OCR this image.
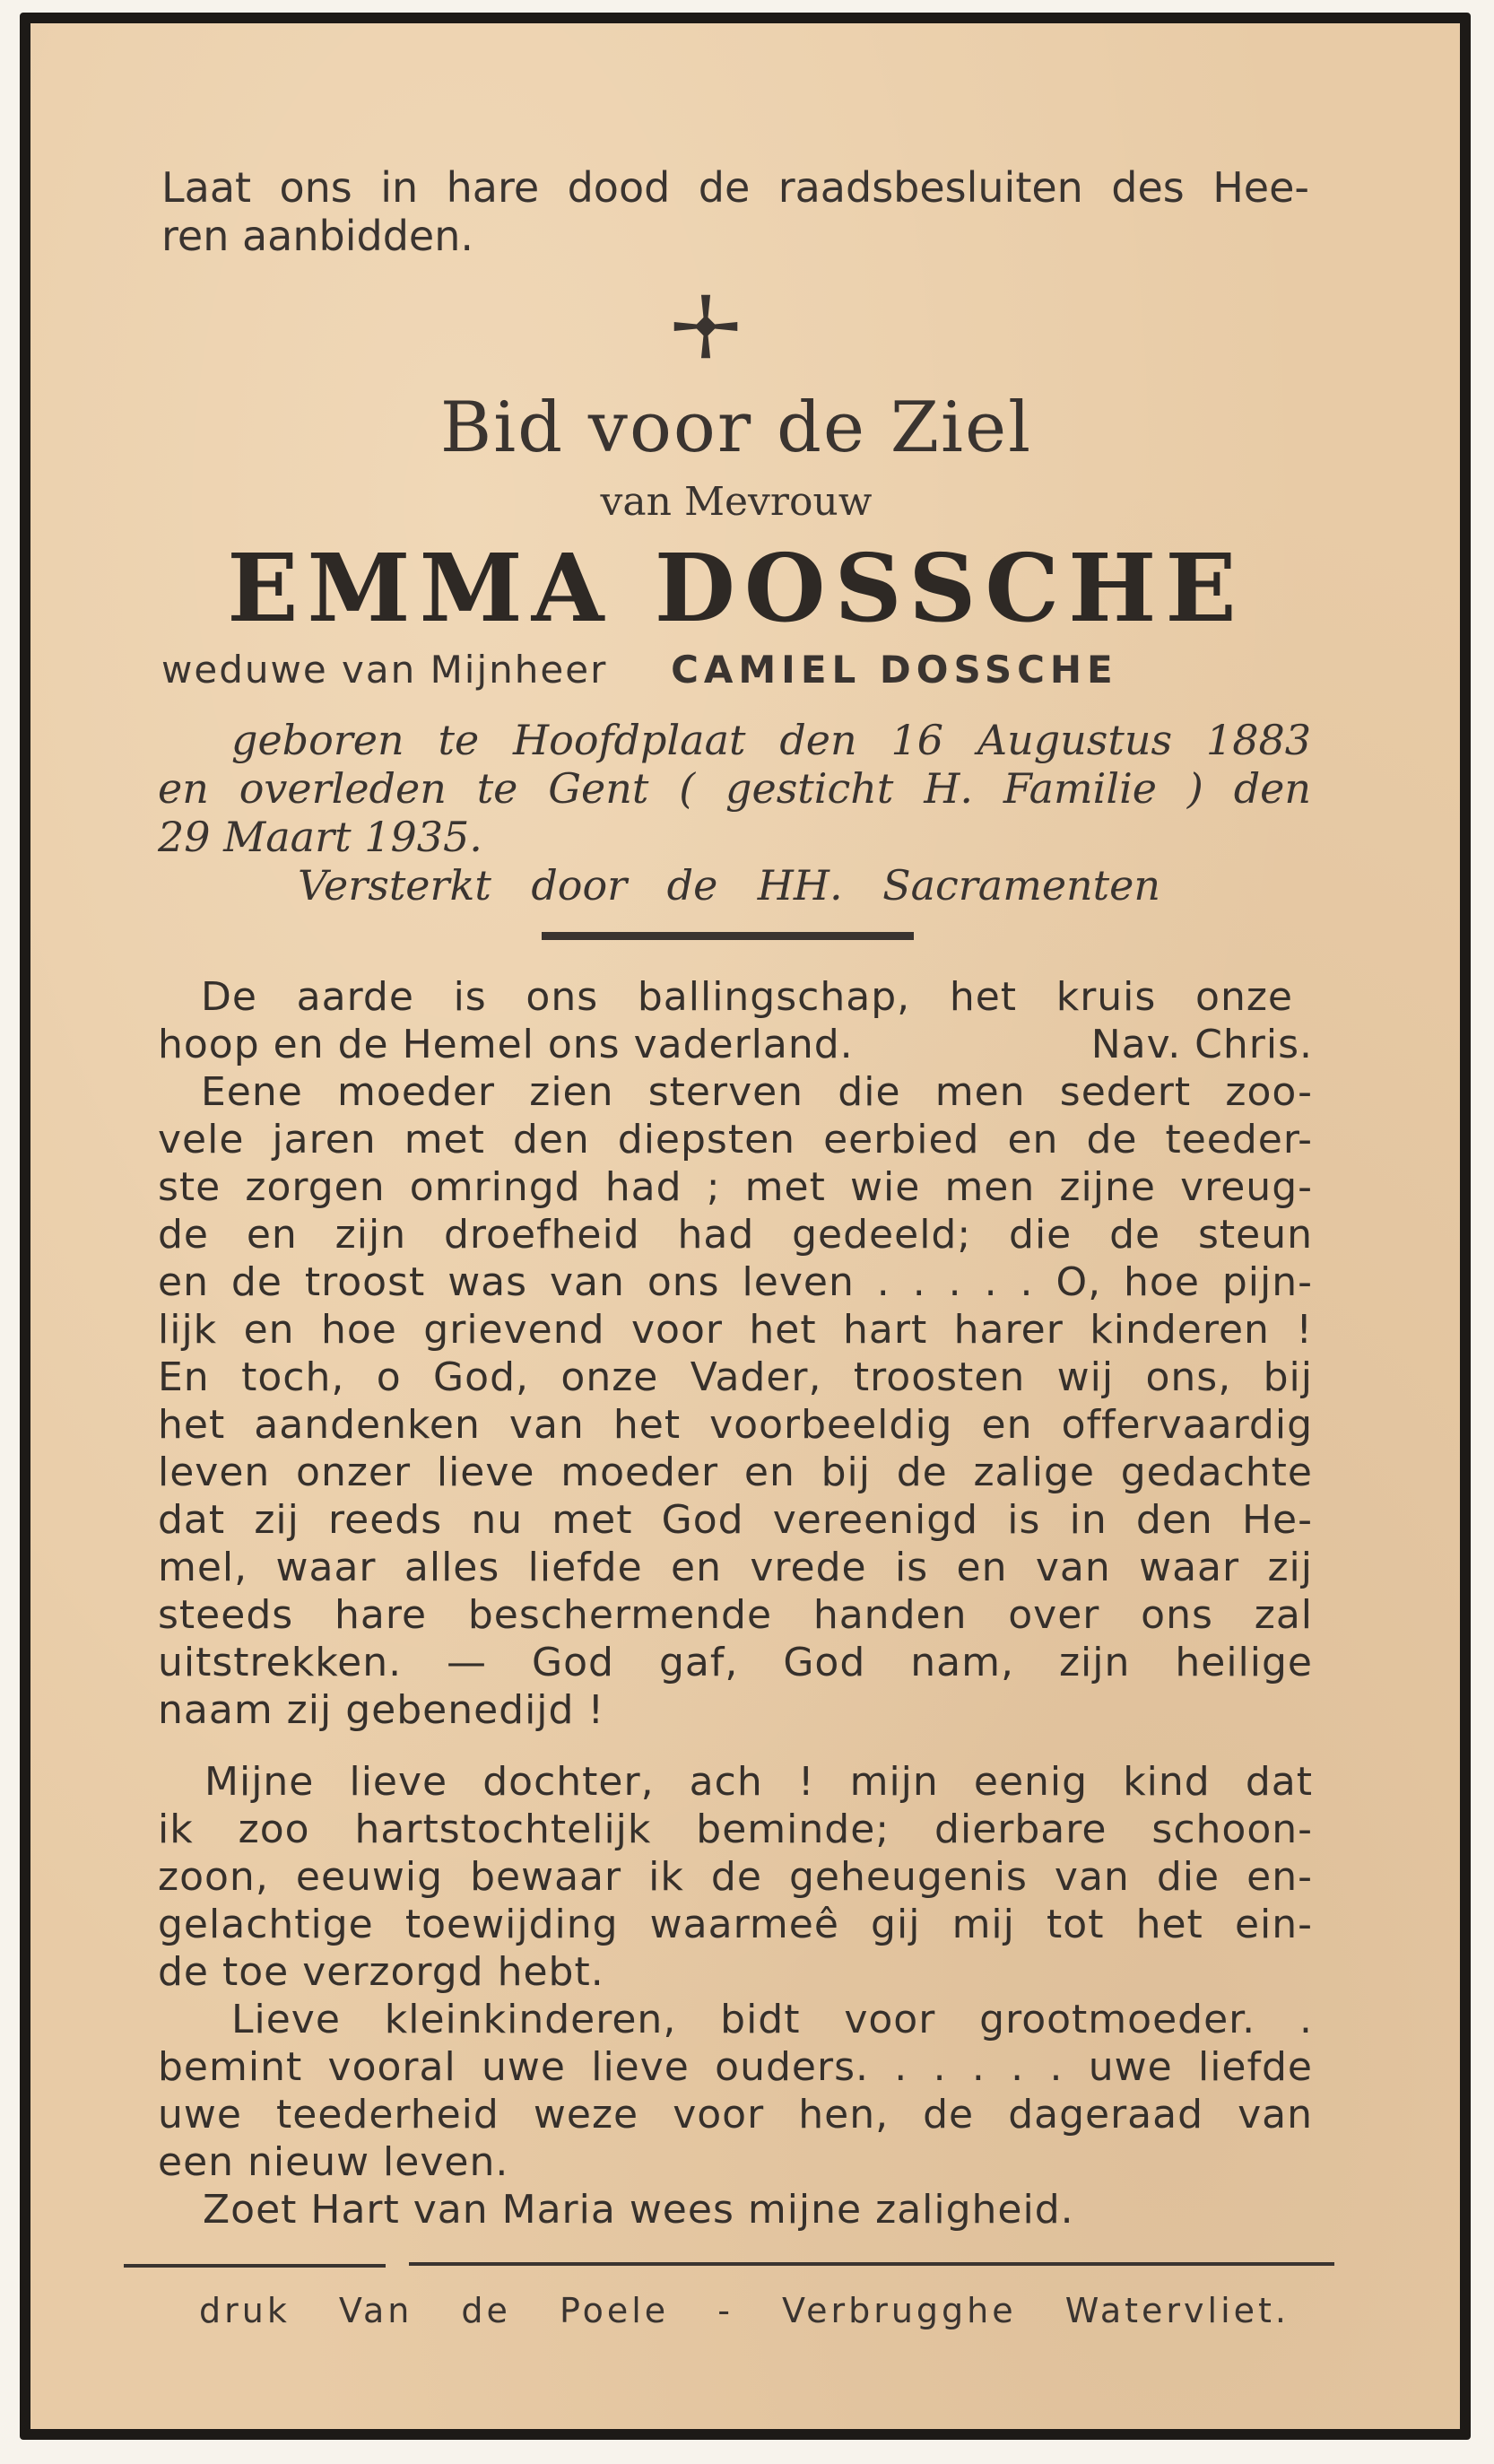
Laat ons in hare dood de raadsbesluiten des Hee-
ren aanbidden.
Bid voor de Ziel
van Mevrouw
EMMA DOSSCHE
weduwe van Mijnheer CAMIEL DOSSCHE
geboren te Hoofdplaat den 16 Augustus 1883
en overleden te Gent ( gesticht H. Familie ) den
29 Maart 1935.
Versterkt door de HH. Sacramenten
De aarde is ons ballingschap, het kruis onze
hoop en de Hemel ons vaderland.	Nav. Chris.
Eene moeder zien sterven die men sedert zoo-
vele jaren met den diepsten eerbied en de teeder-
ste zorgen omringd had ; met wie men zijne vreug-
de en zijn droefheid had gedeeld; die de steun
en de troost was van ons leven . . . . . O, hoe pijn-
lijk en hoe grievend voor het hart harer kinderen !
En toch, o God, onze Vader, troosten wij ons, bij
het aandenken van het voorbeeldig en offervaardig
leven onzer lieve moeder en bij de zalige gedachte
dat zij reeds nu met God vereenigd is in den He-
mel, waar alles liefde en vrede is en van waar zij
steeds hare beschermende handen over ons zal
uitstrekken. — God gaf, God nam, zijn heilige
naam zij gebenedijd !
Mijne lieve dochter, ach ! mijn eenig kind dat
ik zoo hartstochtelijk beminde; dierbare schoon-
zoon, eeuwig bewaar ik de geheugenis van die en-
gelachtige toewijding waarmeê gij mij tot het ein-
de toe verzorgd hebt.
Lieve kleinkinderen, bidt voor grootmoeder. .
bemint vooral uwe lieve ouders. . . . . . uwe liefde
uwe teederheid weze voor hen, de dageraad van
een nieuw leven.
Zoet Hart van Maria wees mijne zaligheid.
druk Van de Poele - Verbrugghe Watervliet.
